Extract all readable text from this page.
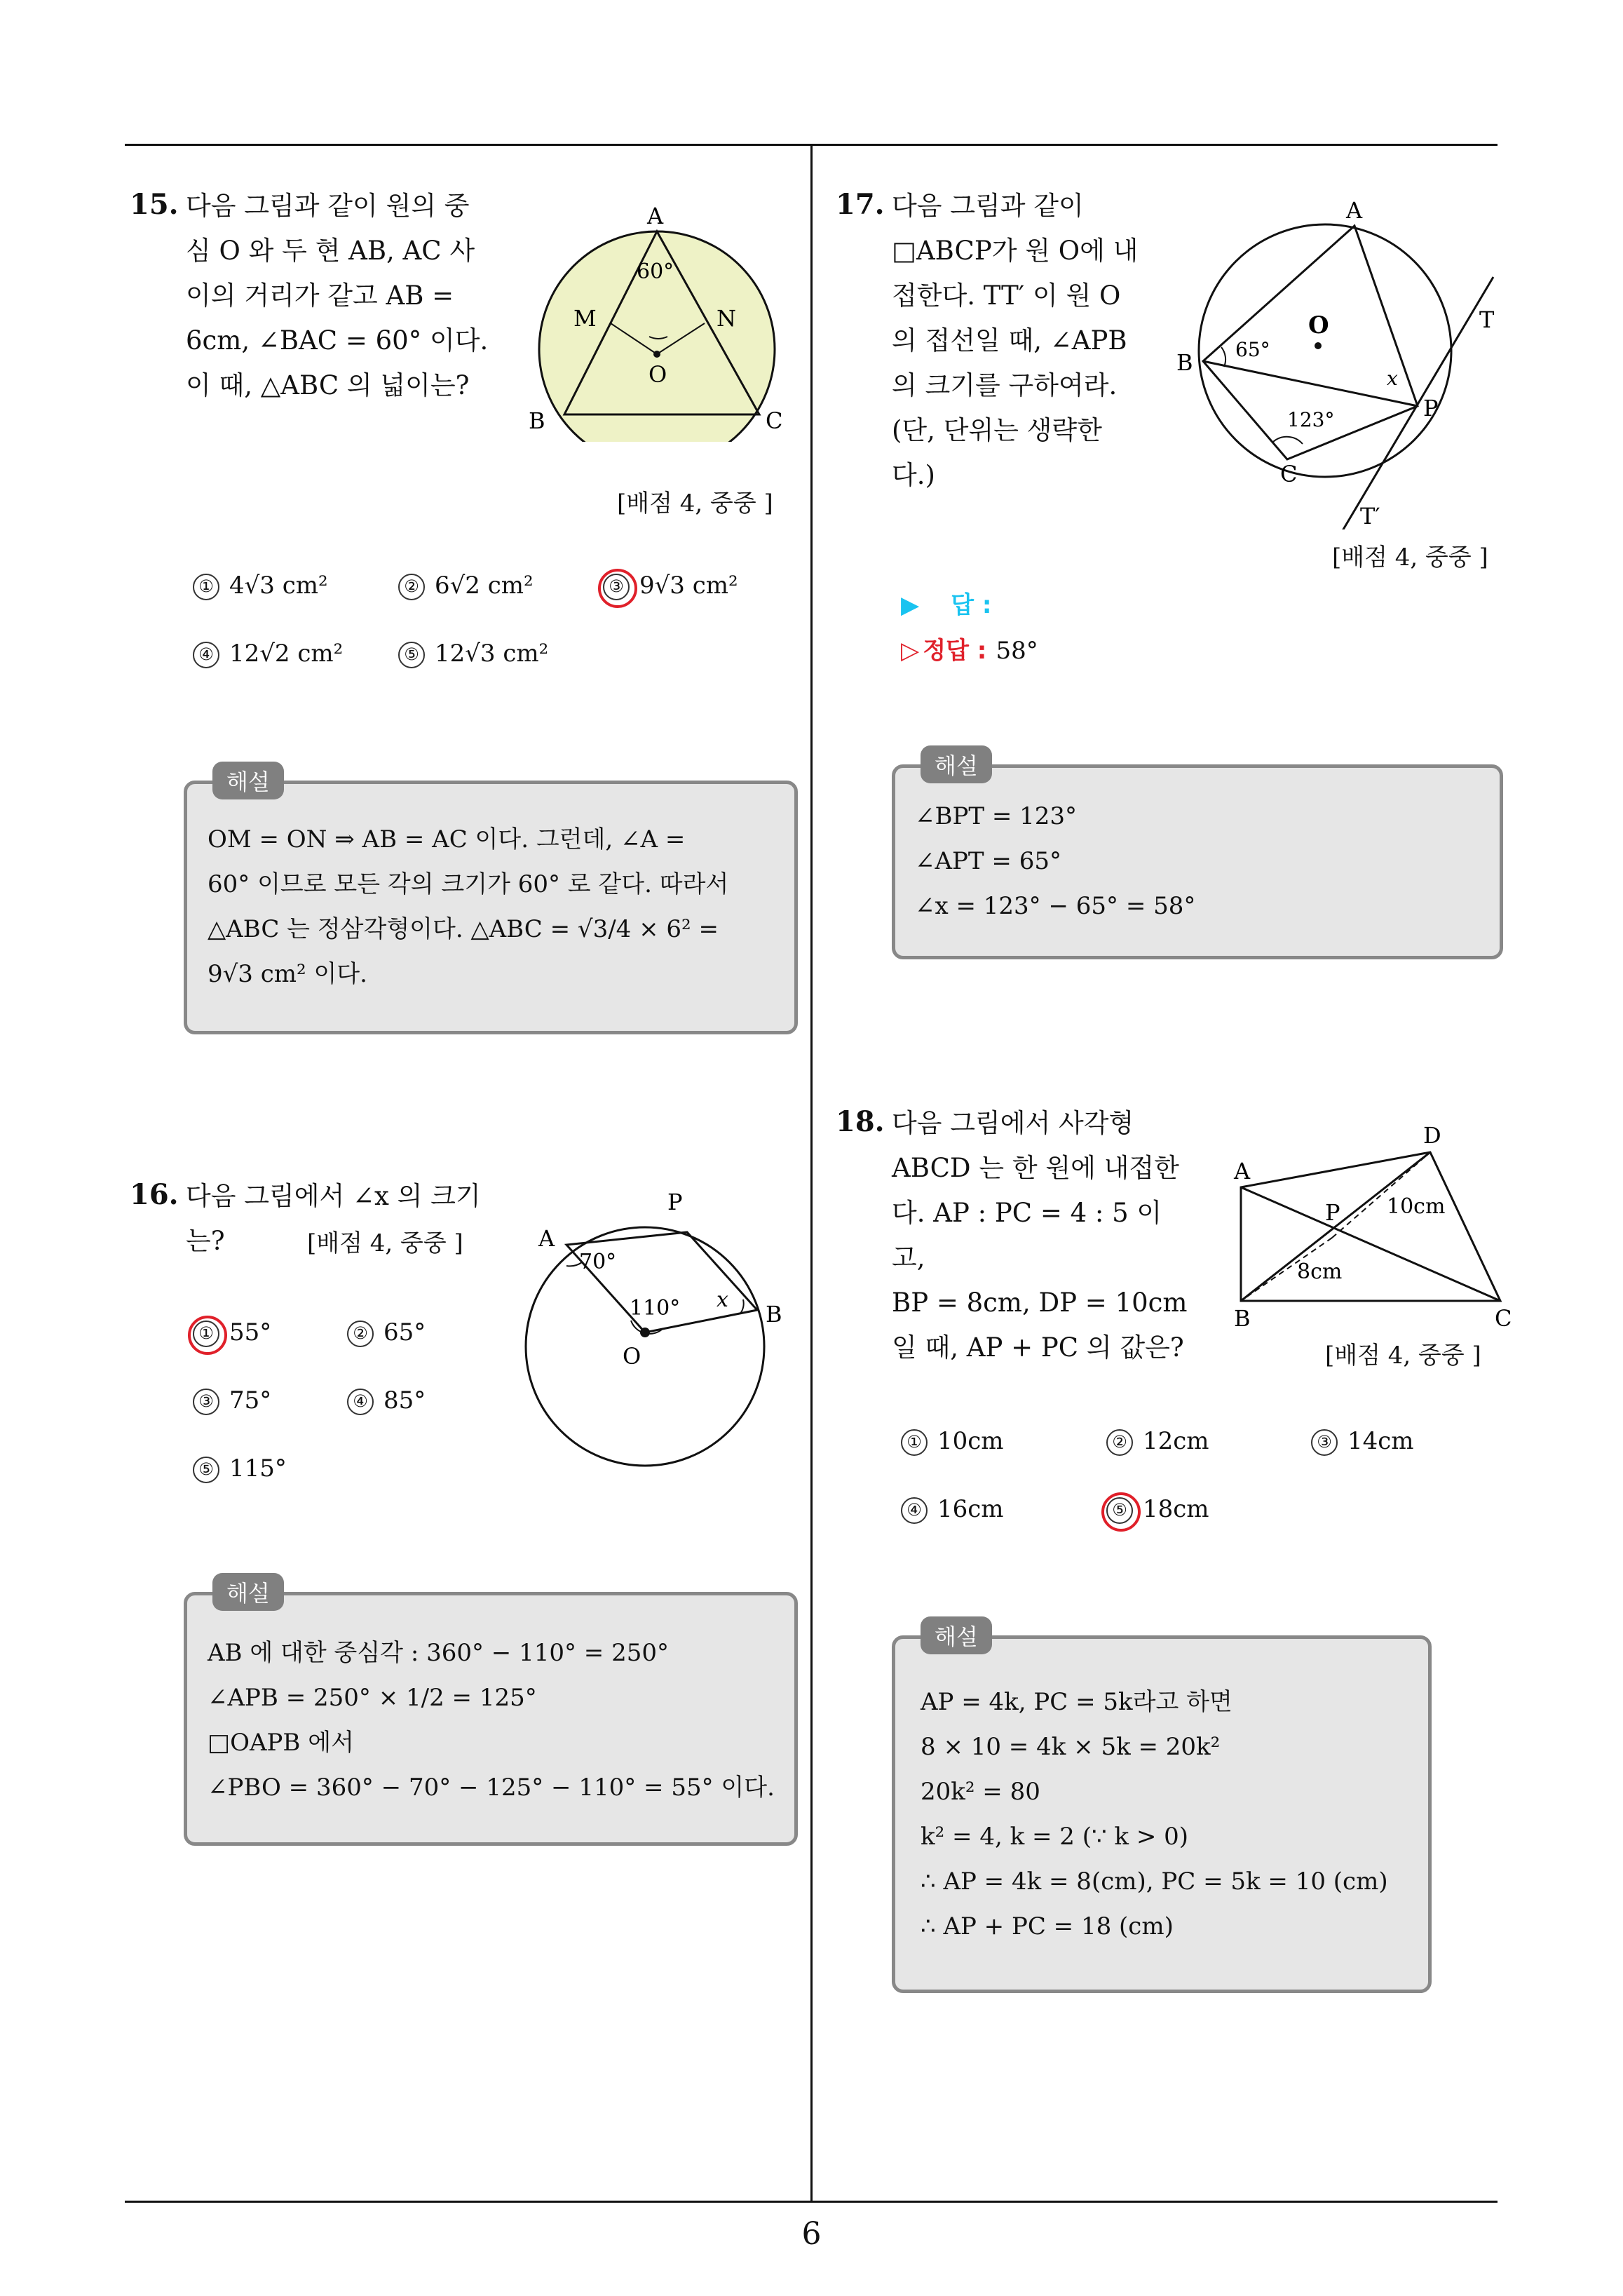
6
15. 다음 그림과 같이 원의 중
심 O 와 두 현 AB, AC 사
이의 거리가 같고 AB =
6cm, ∠BAC = 60° 이다.
이 때, △ABC 의 넓이는?
A
B	C
M	N
O
60°
[배점 4, 중중 ]
① 4√3 cm²	② 6√2 cm²	③ 9√3 cm²
④ 12√2 cm²	⑤ 12√3 cm²
해설
OM = ON ⇒ AB = AC 이다. 그런데, ∠A =
60° 이므로 모든 각의 크기가 60° 로 같다. 따라서
△ABC 는 정삼각형이다. △ABC = √3/4 × 6² =
9√3 cm² 이다.
16. 다음 그림에서 ∠x 의 크기
는?	[배점 4, 중중 ]	A
P
B
O
70°
110° x
① 55°	② 65°
③ 75°	④ 85°
⑤ 115°
해설
AB 에 대한 중심각 : 360° − 110° = 250°
∠APB = 250° × 1/2 = 125°
□OAPB 에서
∠PBO = 360° − 70° − 125° − 110° = 55° 이다.
17. 다음 그림과 같이
□ABCP가 원 O에 내
접한다. TT′ 이 원 O
의 접선일 때, ∠APB
의 크기를 구하여라.
(단, 단위는 생략한
다.)
A
B
C
P
O	T
T′
65°
123°
x
[배점 4, 중중 ]
▶ 답 :
▷ 정답 : 58°
해설
∠BPT = 123°
∠APT = 65°
∠x = 123° − 65° = 58°
18. 다음 그림에서 사각형
ABCD 는 한 원에 내접한
다. AP : PC = 4 : 5 이고,
BP = 8cm, DP = 10cm
일 때, AP + PC 의 값은?
A
D
B	C
P 10cm
8cm
[배점 4, 중중 ]
① 10cm	② 12cm	③ 14cm
④ 16cm	⑤ 18cm
해설
AP = 4k, PC = 5k라고 하면
8 × 10 = 4k × 5k = 20k²
20k² = 80
k² = 4, k = 2 (∵ k > 0)
∴ AP = 4k = 8(cm), PC = 5k = 10 (cm)
∴ AP + PC = 18 (cm)
